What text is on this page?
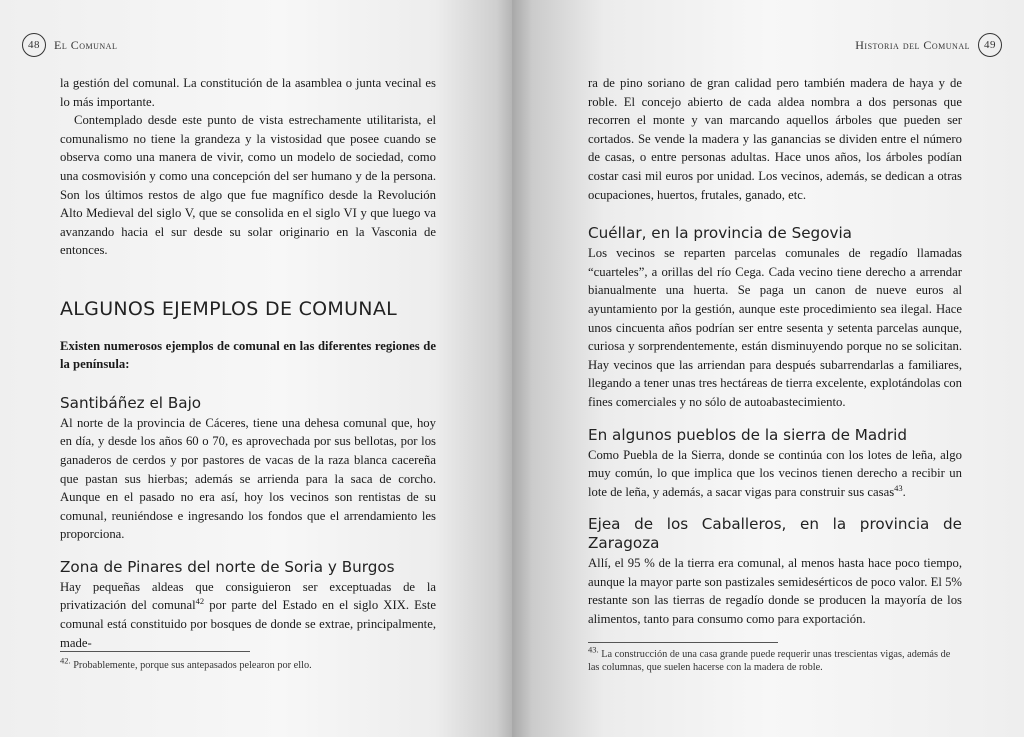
48	El Comunal

la gestión del comunal. La constitución de la asamblea o junta vecinal es lo más importante.

Contemplado desde este punto de vista estrechamente utilitarista, el comunalismo no tiene la grandeza y la vistosidad que posee cuando se observa como una manera de vivir, como un modelo de sociedad, como una cosmovisión y como una concepción del ser humano y de la persona. Son los últimos restos de algo que fue magnífico desde la Revolución Alto Medieval del siglo V, que se consolida en el siglo VI y que luego va avanzando hacia el sur desde su solar originario en la Vasconia de entonces.

ALGUNOS EJEMPLOS DE COMUNAL

Existen numerosos ejemplos de comunal en las diferentes regiones de la península:

Santibáñez el Bajo

Al norte de la provincia de Cáceres, tiene una dehesa comunal que, hoy en día, y desde los años 60 o 70, es aprovechada por sus bellotas, por los ganaderos de cerdos y por pastores de vacas de la raza blanca cacereña que pastan sus hierbas; además se arrienda para la saca de corcho. Aunque en el pasado no era así, hoy los vecinos son rentistas de su comunal, reuniéndose e ingresando los fondos que el arrendamiento les proporciona.

Zona de Pinares del norte de Soria y Burgos

Hay pequeñas aldeas que consiguieron ser exceptuadas de la privatización del comunal$^{42}$ por parte del Estado en el siglo XIX. Este comunal está constituido por bosques de donde se extrae, principalmente, made-

$^{42.}$ Probablemente, porque sus antepasados pelearon por ello.
Historia del Comunal	49

ra de pino soriano de gran calidad pero también madera de haya y de roble. El concejo abierto de cada aldea nombra a dos personas que recorren el monte y van marcando aquellos árboles que pueden ser cortados. Se vende la madera y las ganancias se dividen entre el número de casas, o entre personas adultas. Hace unos años, los árboles podían costar casi mil euros por unidad. Los vecinos, además, se dedican a otras ocupaciones, huertos, frutales, ganado, etc.

Cuéllar, en la provincia de Segovia

Los vecinos se reparten parcelas comunales de regadío llamadas “cuarteles”, a orillas del río Cega. Cada vecino tiene derecho a arrendar bianualmente una huerta. Se paga un canon de nueve euros al ayuntamiento por la gestión, aunque este procedimiento sea ilegal. Hace unos cincuenta años podrían ser entre sesenta y setenta parcelas aunque, curiosa y sorprendentemente, están disminuyendo porque no se solicitan. Hay vecinos que las arriendan para después subarrendarlas a familiares, llegando a tener unas tres hectáreas de tierra excelente, explotándolas con fines comerciales y no sólo de autoabastecimiento.

En algunos pueblos de la sierra de Madrid

Como Puebla de la Sierra, donde se continúa con los lotes de leña, algo muy común, lo que implica que los vecinos tienen derecho a recibir un lote de leña, y además, a sacar vigas para construir sus casas$^{43}$.

Ejea de los Caballeros, en la provincia de Zaragoza

Allí, el 95 % de la tierra era comunal, al menos hasta hace poco tiempo, aunque la mayor parte son pastizales semidesérticos de poco valor. El 5% restante son las tierras de regadío donde se producen la mayoría de los alimentos, tanto para consumo como para exportación.

$^{43.}$ La construcción de una casa grande puede requerir unas trescientas vigas, además de las columnas, que suelen hacerse con la madera de roble.
